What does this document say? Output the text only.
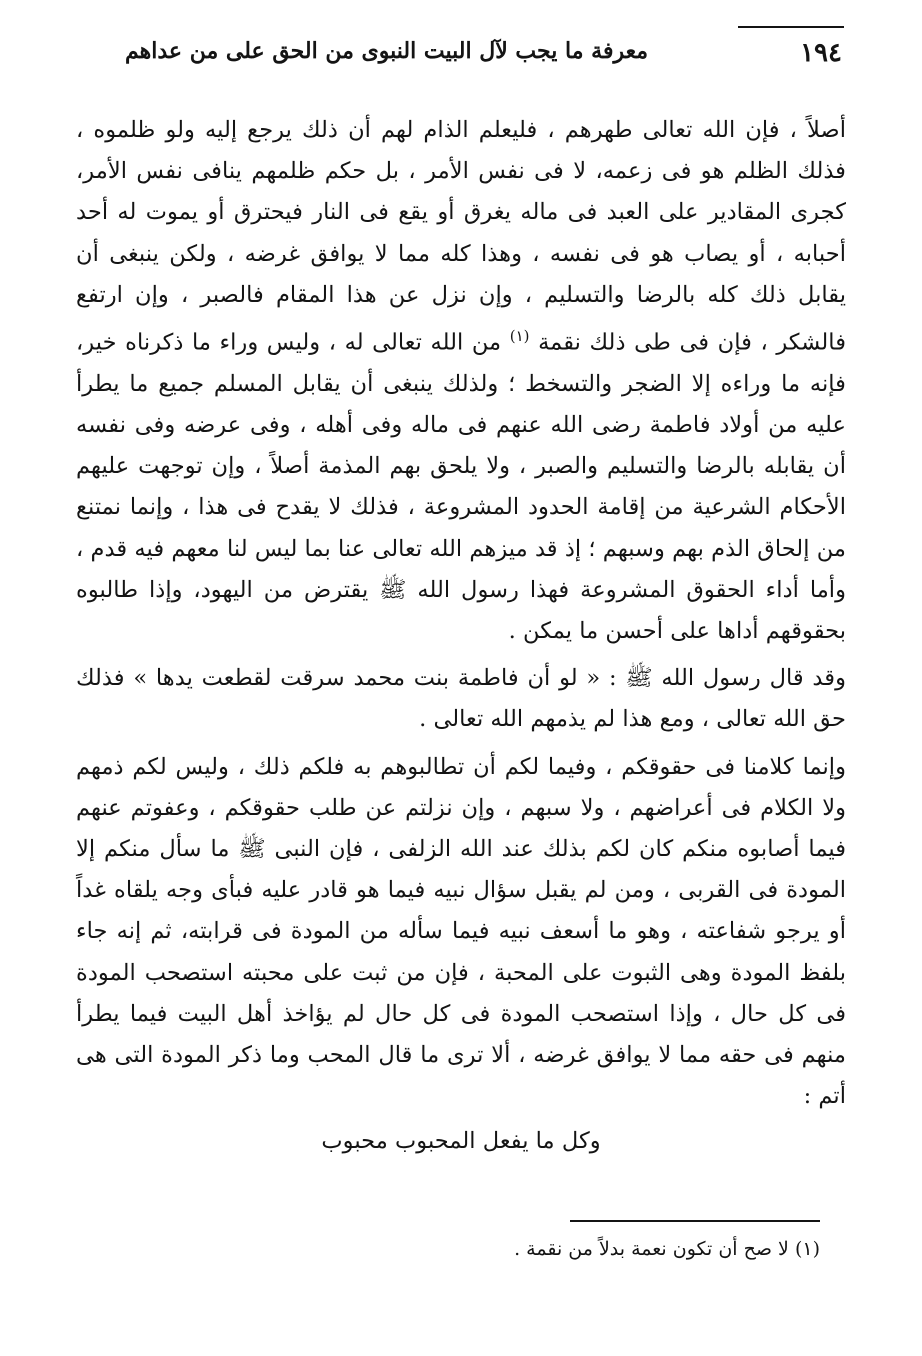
١٩٤
معرفة ما يجب لآل البيت النبوى من الحق على من عداهم

أصلاً ، فإن الله تعالى طهرهم ، فليعلم الذام لهم أن ذلك يرجع إليه ولو ظلموه ، فذلك الظلم هو فى زعمه، لا فى نفس الأمر ، بل حكم ظلمهم ينافى نفس الأمر، كجرى المقادير على العبد فى ماله يغرق أو يقع فى النار فيحترق أو يموت له أحد أحبابه ، أو يصاب هو فى نفسه ، وهذا كله مما لا يوافق غرضه ، ولكن ينبغى أن يقابل ذلك كله بالرضا والتسليم ، وإن نزل عن هذا المقام فالصبر ، وإن ارتفع فالشكر ، فإن فى طى ذلك نقمة $^{(١)}$ من الله تعالى له ، وليس وراء ما ذكرناه خير، فإنه ما وراءه إلا الضجر والتسخط ؛ ولذلك ينبغى أن يقابل المسلم جميع ما يطرأ عليه من أولاد فاطمة رضى الله عنهم فى ماله وفى أهله ، وفى عرضه وفى نفسه أن يقابله بالرضا والتسليم والصبر ، ولا يلحق بهم المذمة أصلاً ، وإن توجهت عليهم الأحكام الشرعية من إقامة الحدود المشروعة ، فذلك لا يقدح فى هذا ، وإنما نمتنع من إلحاق الذم بهم وسبهم ؛ إذ قد ميزهم الله تعالى عنا بما ليس لنا معهم فيه قدم ، وأما أداء الحقوق المشروعة فهذا رسول الله ﷺ يقترض من اليهود، وإذا طالبوه بحقوقهم أداها على أحسن ما يمكن .

وقد قال رسول الله ﷺ : « لو أن فاطمة بنت محمد سرقت لقطعت يدها » فذلك حق الله تعالى ، ومع هذا لم يذمهم الله تعالى .

وإنما كلامنا فى حقوقكم ، وفيما لكم أن تطالبوهم به فلكم ذلك ، وليس لكم ذمهم ولا الكلام فى أعراضهم ، ولا سبهم ، وإن نزلتم عن طلب حقوقكم ، وعفوتم عنهم فيما أصابوه منكم كان لكم بذلك عند الله الزلفى ، فإن النبى ﷺ ما سأل منكم إلا المودة فى القربى ، ومن لم يقبل سؤال نبيه فيما هو قادر عليه فبأى وجه يلقاه غداً أو يرجو شفاعته ، وهو ما أسعف نبيه فيما سأله من المودة فى قرابته، ثم إنه جاء بلفظ المودة وهى الثبوت على المحبة ، فإن من ثبت على محبته استصحب المودة فى كل حال ، وإذا استصحب المودة فى كل حال لم يؤاخذ أهل البيت فيما يطرأ منهم فى حقه مما لا يوافق غرضه ، ألا ترى ما قال المحب وما ذكر المودة التى هى أتم :

وكل ما يفعل المحبوب محبوب
(١) لا صح أن تكون نعمة بدلاً من نقمة .
